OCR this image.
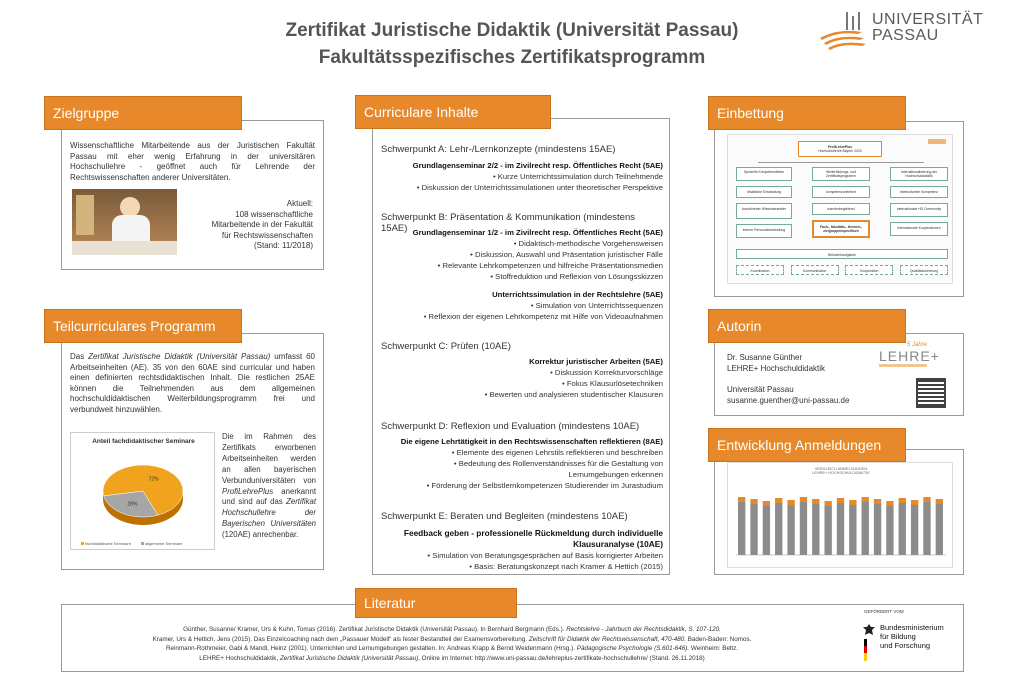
Zertifikat Juristische Didaktik (Universität Passau)
Fakultätsspezifisches Zertifikatsprogramm
UNIVERSITÄT
PASSAU
Wissenschaftliche Mitarbeitende aus der Juristischen Fakultät Passau mit eher wenig Erfahrung in der universitären Hochschullehre - geöffnet auch für Lehrende der Rechtswissenschaften anderer Universitäten.
Aktuell:
108 wissenschaftliche
Mitarbeitende in der Fakultät
für Rechtswissenschaften
(Stand: 11/2018)
Zielgruppe
Das Zertifikat Juristische Didaktik (Universität Passau) umfasst 60 Arbeitseinheiten (AE). 35 von den 60AE sind curricular und haben einen definierten rechtsdidaktischen Inhalt. Die restlichen 25AE können die Teilnehmenden aus dem allgemeinen hochschuldidaktischen Weiterbildungsprogramm frei und verbundweit hinzuwählen.
Anteil fachdidaktischer Seminare
72%
28%
fachdidaktische Seminare	allgemeine Seminare
Die im Rahmen des Zertifikats erworbenen Arbeitseinheiten werden an allen bayerischen Verbunduniversitäten von ProfiLehrePlus anerkannt und sind auf das Zertifikat Hochschullehre der Bayerischen Universitäten (120AE) anrechenbar.
Teilcurriculares Programm
Schwerpunkt A: Lehr-/Lernkonzepte (mindestens 15AE)
Grundlagenseminar 2/2 - im Zivilrecht resp. Öffentliches Recht (5AE)
• Kurze Unterrichtssimulation durch Teilnehmende
• Diskussion der Unterrichtssimulationen unter theoretischer Perspektive
Schwerpunkt B: Präsentation & Kommunikation (mindestens 15AE) Grundlagenseminar 1/2 - im Zivilrecht resp. Öffentliches Recht (5AE)
• Didaktisch-methodische Vorgehensweisen
• Diskussion, Auswahl und Präsentation juristischer Fälle
• Relevante Lehrkompetenzen und hilfreiche Präsentationsmedien
• Stoffreduktion und Reflexion von Lösungsskizzen
Unterrichtssimulation in der Rechtslehre (5AE)
• Simulation von Unterrichtssequenzen
• Reflexion der eigenen Lehrkompetenz mit Hilfe von Videoaufnahmen
Schwerpunkt C: Prüfen (10AE)
Korrektur juristischer Arbeiten (5AE)
• Diskussion Korrekturvorschläge
• Fokus Klausurlösetechniken
• Bewerten und analysieren studentischer Klausuren
Schwerpunkt D: Reflexion und Evaluation (mindestens 10AE)
Die eigene Lehrtätigkeit in den Rechtswissenschaften reflektieren (8AE)
• Elemente des eigenen Lehrstils reflektieren und beschreiben
• Bedeutung des Rollenverständnisses für die Gestaltung von
Lernumgebungen erkennen
• Förderung der Selbstlernkompetenzen Studierender im Jurastudium
Schwerpunkt E: Beraten und Begleiten (mindestens 10AE)
Feedback geben - professionelle Rückmeldung durch individuelle
Klausuranalyse (10AE)
• Simulation von Beratungsgesprächen auf Basis korrigierter Arbeiten
• Basis: Beratungskonzept nach Kramer & Hettich (2015)
Curriculare Inhalte
ProfiLehrePlus
Hochschullehre Bayern 2020
Spezielle Kompetenzfelder
Inhaltliche Entwicklung
koordinierter Wissenstransfer
interne Personalentwicklung
Weiterbildungs- und Zertifikatsprogramm
kompetenzorientiert
transferbegleitend
Fach-, fakultäts-, themen-, zielgruppenspezifisch
Internationalisierung der Hochschuldidaktik
interkulturelle Kompetenz
internationale HD Community
internationale Kooperationen
Netzwerkaufgaben
Koordination	Kommunikation	Kooperation	Qualitätssicherung
Einbettung
Dr. Susanne Günther
LEHRE+ Hochschuldidaktik
Universität Passau
susanne.guenther@uni-passau.de
5 Jahre
LEHRE+
Autorin
VERGLEICH ANMELDUNGEN
LEHRE+ HOCHSCHULDIDAKTIK
Entwicklung Anmeldungen
Günther, Susanne/ Kramer, Urs & Kuhn, Tomas (2016). Zertifikat Juristische Didaktik (Universität Passau). In Bernhard Bergmann (Eds.). Rechtslehre - Jahrbuch der Rechtsdidaktik, S. 107-120.
Kramer, Urs & Hettich, Jens (2015). Das Einzelcoaching nach dem „Passauer Modell“ als fester Bestandteil der Examensvorbereitung. Zeitschrift für Didaktik der Rechtswissenschaft, 470-480. Baden-Baden: Nomos.
Reinmann-Rothmeier, Gabi & Mandl, Heinz (2001). Unterrichten und Lernumgebungen gestalten. In: Andreas Krapp & Bernd Weidenmann (Hrsg.). Pädagogische Psychologie (S.601-646). Weinheim: Beltz.
LEHRE+ Hochschuldidaktik, Zertifikat Juristische Didaktik (Universität Passau), Online im Internet: http://www.uni-passau.de/lehreplus-zertifikate-hochschullehre/ (Stand. 26.11.2018)
GEFÖRDERT VOM
Bundesministerium
für Bildung
und Forschung
Literatur
